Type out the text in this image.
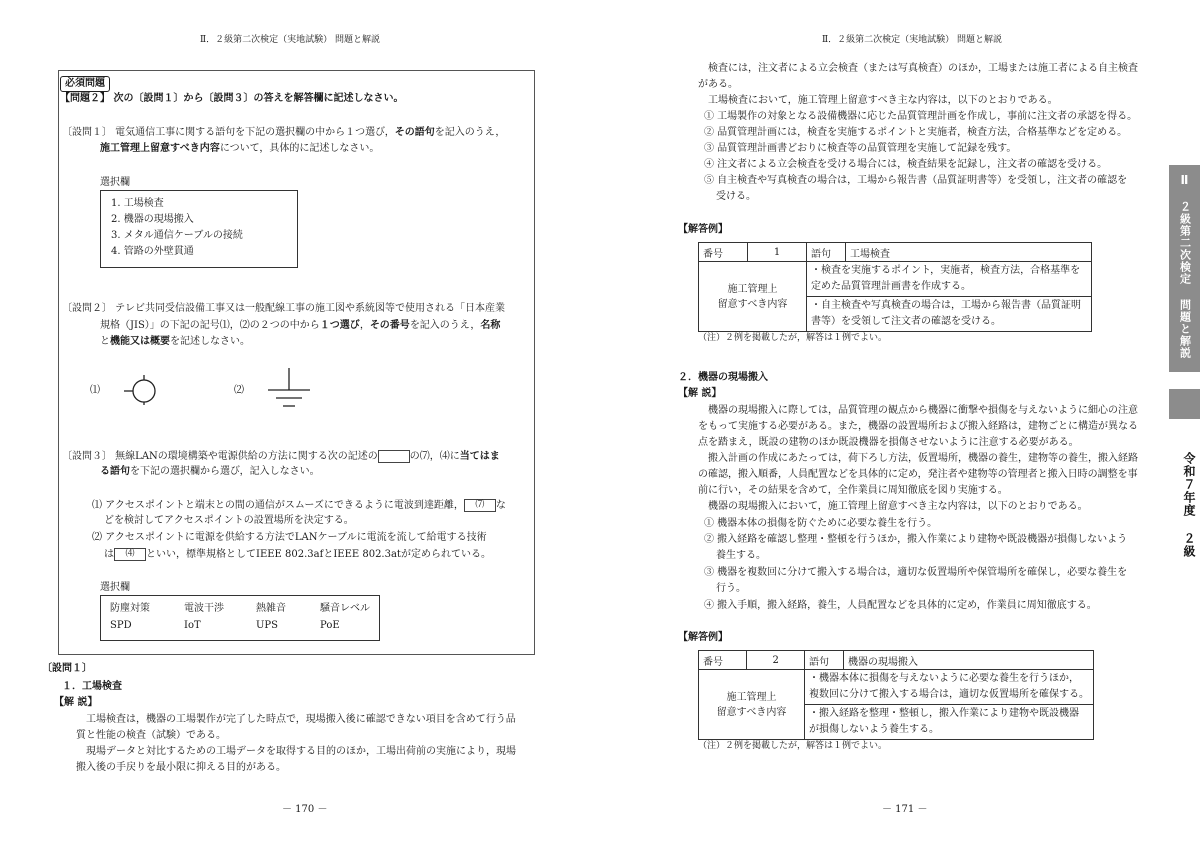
Ⅱ．２級第二次検定（実地試験） 問題と解説
必須問題
【問題２】 次の〔設問１〕から〔設問３〕の答えを解答欄に記述しなさい。
〔設問１〕 電気通信工事に関する語句を下記の選択欄の中から１つ選び，その語句を記入のうえ，
施工管理上留意すべき内容について，具体的に記述しなさい。
選択欄
1. 工場検査
2. 機器の現場搬入
3. メタル通信ケーブルの接続
4. 管路の外壁貫通
〔設問２〕 テレビ共同受信設備工事又は一般配線工事の施工図や系統図等で使用される「日本産業
規格（JIS）」の下記の記号⑴，⑵の２つの中から１つ選び，その番号を記入のうえ，名称
と機能又は概要を記述しなさい。
⑴	⑵
〔設問３〕 無線LANの環境構築や電源供給の方法に関する次の記述の	の⑺，⑷に当てはま
る語句を下記の選択欄から選び，記入しなさい。
⑴ アクセスポイントと端末との間の通信がスムーズにできるように電波到達距離， ⑺ な
どを検討してアクセスポイントの設置場所を決定する。
⑵ アクセスポイントに電源を供給する方法でLANケーブルに電流を流して給電する技術
は ⑷ といい，標準規格としてIEEE 802.3afとIEEE 802.3atが定められている。
選択欄
防塵対策	電波干渉	熱雑音	騒音レベル
SPD	IoT	UPS	PoE
〔設問１〕
１．工場検査
【解 説】
工場検査は，機器の工場製作が完了した時点で，現場搬入後に確認できない項目を含めて行う品
質と性能の検査（試験）である。
現場データと対比するための工場データを取得する目的のほか，工場出荷前の実施により，現場
搬入後の手戻りを最小限に抑える目的がある。
－ 170 －
Ⅱ．２級第二次検定（実地試験） 問題と解説
検査には，注文者による立会検査（または写真検査）のほか，工場または施工者による自主検査
がある。
工場検査において，施工管理上留意すべき主な内容は，以下のとおりである。
① 工場製作の対象となる設備機器に応じた品質管理計画を作成し，事前に注文者の承認を得る。
② 品質管理計画には，検査を実施するポイントと実施者，検査方法，合格基準などを定める。
③ 品質管理計画書どおりに検査等の品質管理を実施して記録を残す。
④ 注文者による立会検査を受ける場合には，検査結果を記録し，注文者の確認を受ける。
⑤ 自主検査や写真検査の場合は，工場から報告書（品質証明書等）を受領し，注文者の確認を
受ける。
【解答例】
番号	1	語句	工場検査
施工管理上
留意すべき内容		・検査を実施するポイント，実施者，検査方法，合格基準を
定めた品質管理計画書を作成する。	
		・自主検査や写真検査の場合は，工場から報告書（品質証明
書等）を受領して注文者の確認を受ける。	
（注）２例を掲載したが，解答は１例でよい。
２．機器の現場搬入
【解 説】
機器の現場搬入に際しては，品質管理の観点から機器に衝撃や損傷を与えないように細心の注意
をもって実施する必要がある。また，機器の設置場所および搬入経路は，建物ごとに構造が異なる
点を踏まえ，既設の建物のほか既設機器を損傷させないように注意する必要がある。
搬入計画の作成にあたっては，荷下ろし方法，仮置場所，機器の養生，建物等の養生，搬入経路
の確認，搬入順番，人員配置などを具体的に定め，発注者や建物等の管理者と搬入日時の調整を事
前に行い，その結果を含めて，全作業員に周知徹底を図り実施する。
機器の現場搬入において，施工管理上留意すべき主な内容は，以下のとおりである。
① 機器本体の損傷を防ぐために必要な養生を行う。
② 搬入経路を確認し整理・整頓を行うほか，搬入作業により建物や既設機器が損傷しないよう
養生する。
③ 機器を複数回に分けて搬入する場合は，適切な仮置場所や保管場所を確保し，必要な養生を
行う。
④ 搬入手順，搬入経路，養生，人員配置などを具体的に定め，作業員に周知徹底する。
【解答例】
番号	2	語句	機器の現場搬入
施工管理上
留意すべき内容		・機器本体に損傷を与えないように必要な養生を行うほか，
複数回に分けて搬入する場合は，適切な仮置場所を確保する。	
		・搬入経路を整理・整頓し，搬入作業により建物や既設機器
が損傷しないよう養生する。	
（注）２例を掲載したが，解答は１例でよい。
－ 171 －
Ⅱ
２級第二次検定 問題と解説
令和７年度 ２級
